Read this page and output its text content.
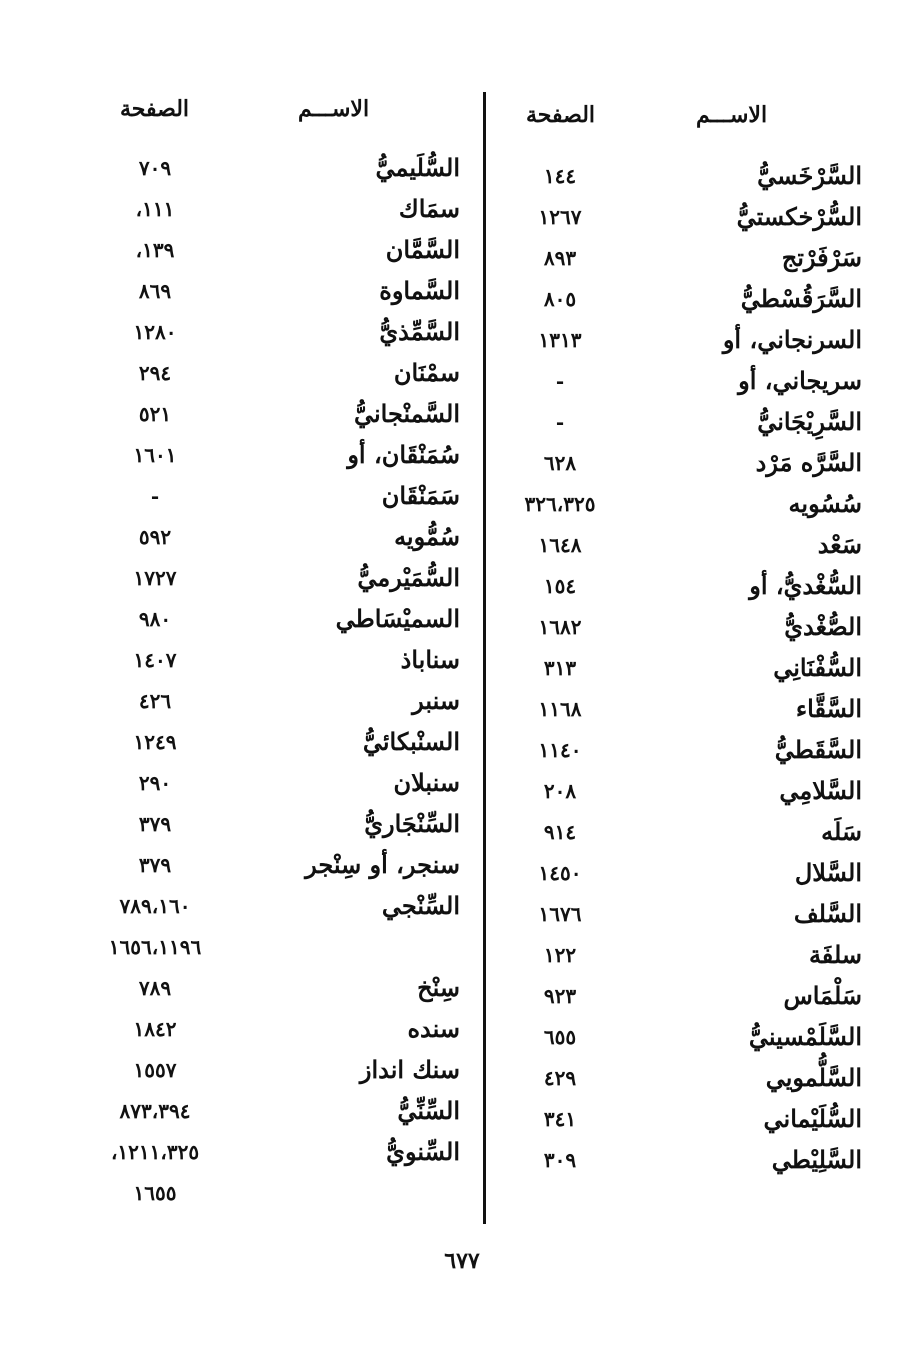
الاســـم
الصفحة
الاســـم
الصفحة
١٤٤	السَّرْخَسيُّ
١٢٦٧	السُّرْخكستيُّ
٨٩٣	سَرْفَرْتج
٨٠٥	السَّرَقُسْطيُّ
١٣١٣	السرنجاني، أو
-	سريجاني، أو
-	السَّرِيْجَانيُّ
٦٢٨	السَّرَّه مَرْد
٣٢٦،٣٢٥	سُسُويه
١٦٤٨	سَعْد
١٥٤	السُّغْديُّ، أو
١٦٨٢	الصُّغْديُّ
٣١٣	السُّفْنَانِي
١١٦٨	السَّقَّاء
١١٤٠	السَّقَطيُّ
٢٠٨	السَّلامِي
٩١٤	سَلَه
١٤٥٠	السَّلال
١٦٧٦	السَّلف
١٢٢	سلفَة
٩٢٣	سَلْمَاس
٦٥٥	السَّلَمْسينيُّ
٤٢٩	السَّلُّمويي
٣٤١	السُّلَيْماني
٣٠٩	السَّلِيْطي
٧٠٩	السُّلَيميُّ
١١١،	سمَاك
١٣٩،	السَّمَّان
٨٦٩	السَّماوة
١٢٨٠	السَّمِّذيُّ
٢٩٤	سمْنَان
٥٢١	السَّمنْجانيُّ
١٦٠١	سُمَنْقَان، أو
-	سَمَنْقَان
٥٩٢	سُمُّويه
١٧٢٧	السُّمَيْرميُّ
٩٨٠	السميْسَاطي
١٤٠٧	سناباذ
٤٢٦	سنبر
١٢٤٩	السنْبكائيُّ
٢٩٠	سنبلان
٣٧٩	السِّنْجَاريُّ
٣٧٩	سنجر، أو سِنْجر
٧٨٩،١٦٠	السِّنْجي
١٦٥٦،١١٩٦
٧٨٩	سِنْخ
١٨٤٢	سنده
١٥٥٧	سنك انداز
٨٧٣،٣٩٤	السِّنِّيُّ
١٢١١،٣٢٥،	السِّنويُّ
١٦٥٥
٦٧٧
